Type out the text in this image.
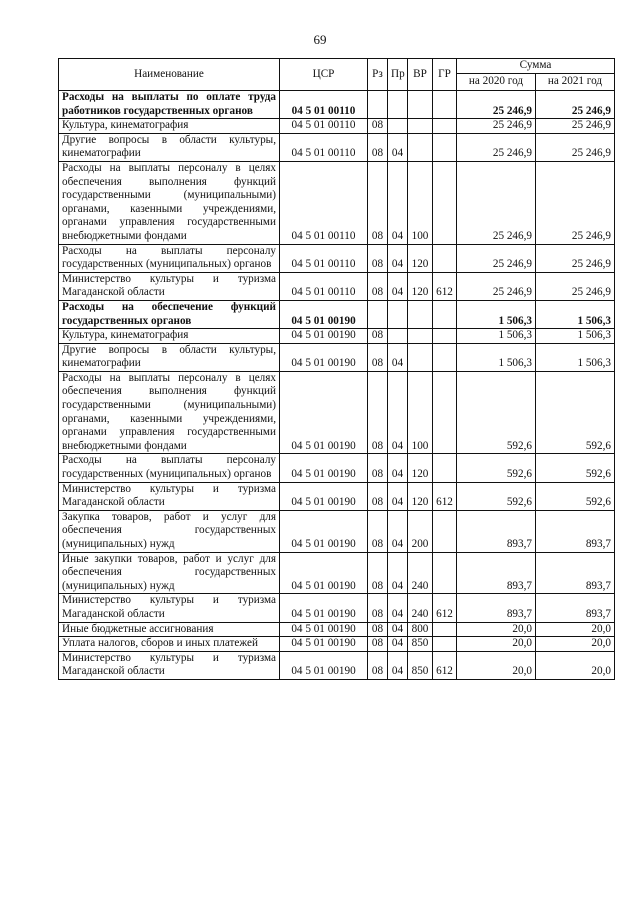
69
Наименование	ЦСР	Рз	Пр	ВР	ГР	Сумма	
						на 2020 год	на 2021 год
Расходы на выплаты по оплате труда работников государственных органов	04 5 01 00110					25 246,9	25 246,9
Культура, кинематография	04 5 01 00110	08				25 246,9	25 246,9
Другие вопросы в области культуры, кинематографии	04 5 01 00110	08	04			25 246,9	25 246,9
Расходы на выплаты персоналу в целях обеспечения выполнения функций государственными (муниципальными) органами, казенными учреждениями, органами управления государственными внебюджетными фондами	04 5 01 00110	08	04	100		25 246,9	25 246,9
Расходы на выплаты персоналу государственных (муниципальных) органов	04 5 01 00110	08	04	120		25 246,9	25 246,9
Министерство культуры и туризма Магаданской области	04 5 01 00110	08	04	120	612	25 246,9	25 246,9
Расходы на обеспечение функций государственных органов	04 5 01 00190					1 506,3	1 506,3
Культура, кинематография	04 5 01 00190	08				1 506,3	1 506,3
Другие вопросы в области культуры, кинематографии	04 5 01 00190	08	04			1 506,3	1 506,3
Расходы на выплаты персоналу в целях обеспечения выполнения функций государственными (муниципальными) органами, казенными учреждениями, органами управления государственными внебюджетными фондами	04 5 01 00190	08	04	100		592,6	592,6
Расходы на выплаты персоналу государственных (муниципальных) органов	04 5 01 00190	08	04	120		592,6	592,6
Министерство культуры и туризма Магаданской области	04 5 01 00190	08	04	120	612	592,6	592,6
Закупка товаров, работ и услуг для обеспечения государственных (муниципальных) нужд	04 5 01 00190	08	04	200		893,7	893,7
Иные закупки товаров, работ и услуг для обеспечения государственных (муниципальных) нужд	04 5 01 00190	08	04	240		893,7	893,7
Министерство культуры и туризма Магаданской области	04 5 01 00190	08	04	240	612	893,7	893,7
Иные бюджетные ассигнования	04 5 01 00190	08	04	800		20,0	20,0
Уплата налогов, сборов и иных платежей	04 5 01 00190	08	04	850		20,0	20,0
Министерство культуры и туризма Магаданской области	04 5 01 00190	08	04	850	612	20,0	20,0
